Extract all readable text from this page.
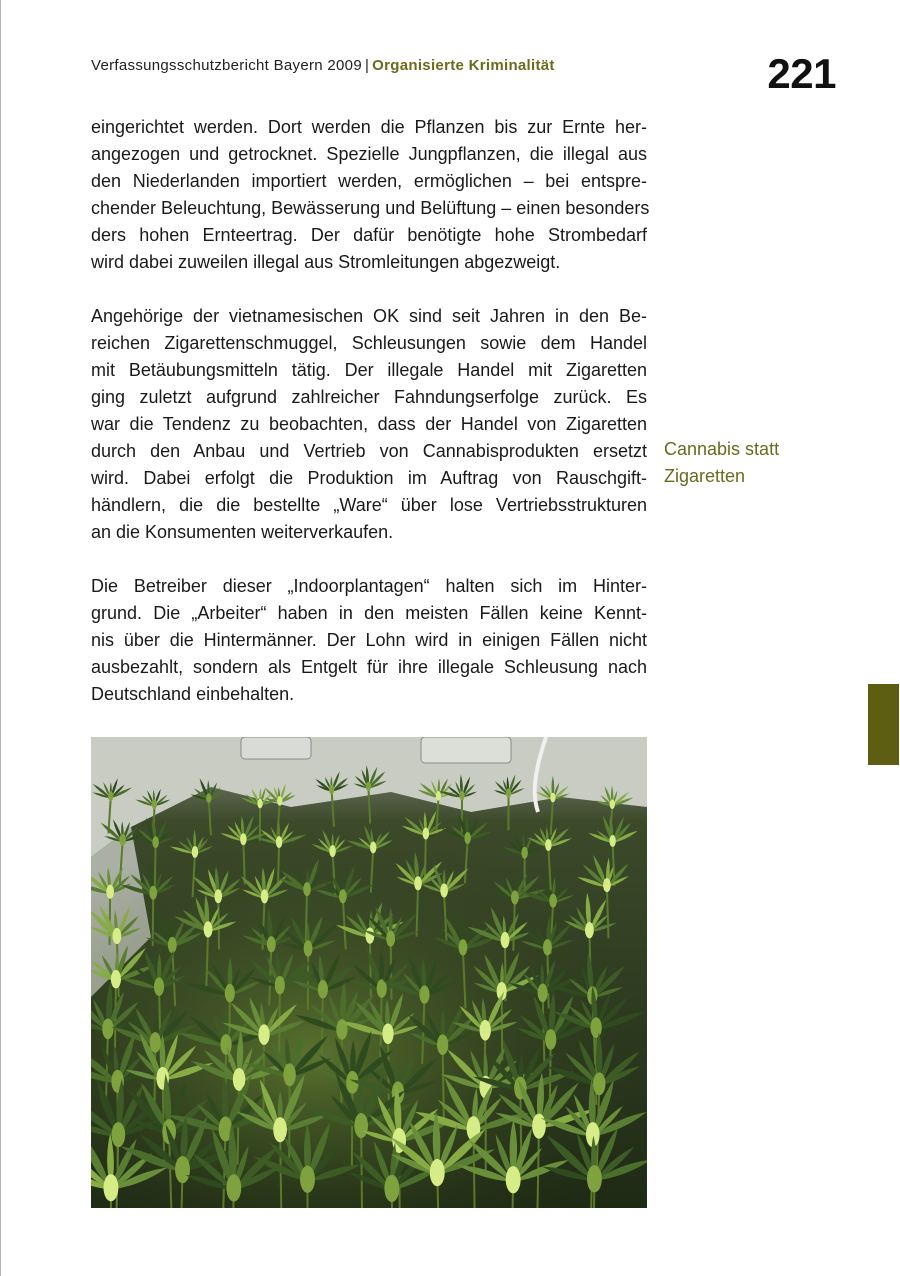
Verfassungsschutzbericht Bayern 2009 | Organisierte Kriminalität	221

eingerichtet werden. Dort werden die Pflanzen bis zur Ernte her-
angezogen und getrocknet. Spezielle Jungpflanzen, die illegal aus
den Niederlanden importiert werden, ermöglichen – bei entspre-
chender Beleuchtung, Bewässerung und Belüftung – einen besonders
ders hohen Ernteertrag. Der dafür benötigte hohe Strombedarf
wird dabei zuweilen illegal aus Stromleitungen abgezweigt.

Angehörige der vietnamesischen OK sind seit Jahren in den Be-
reichen Zigarettenschmuggel, Schleusungen sowie dem Handel
mit Betäubungsmitteln tätig. Der illegale Handel mit Zigaretten
ging zuletzt aufgrund zahlreicher Fahndungserfolge zurück. Es
war die Tendenz zu beobachten, dass der Handel von Zigaretten
durch den Anbau und Vertrieb von Cannabisprodukten ersetzt
wird. Dabei erfolgt die Produktion im Auftrag von Rauschgift-
händlern, die die bestellte „Ware“ über lose Vertriebsstrukturen
an die Konsumenten weiterverkaufen.

Die Betreiber dieser „Indoorplantagen“ halten sich im Hinter-
grund. Die „Arbeiter“ haben in den meisten Fällen keine Kennt-
nis über die Hintermänner. Der Lohn wird in einigen Fällen nicht
ausbezahlt, sondern als Entgelt für ihre illegale Schleusung nach
Deutschland einbehalten.

Cannabis statt
Zigaretten
